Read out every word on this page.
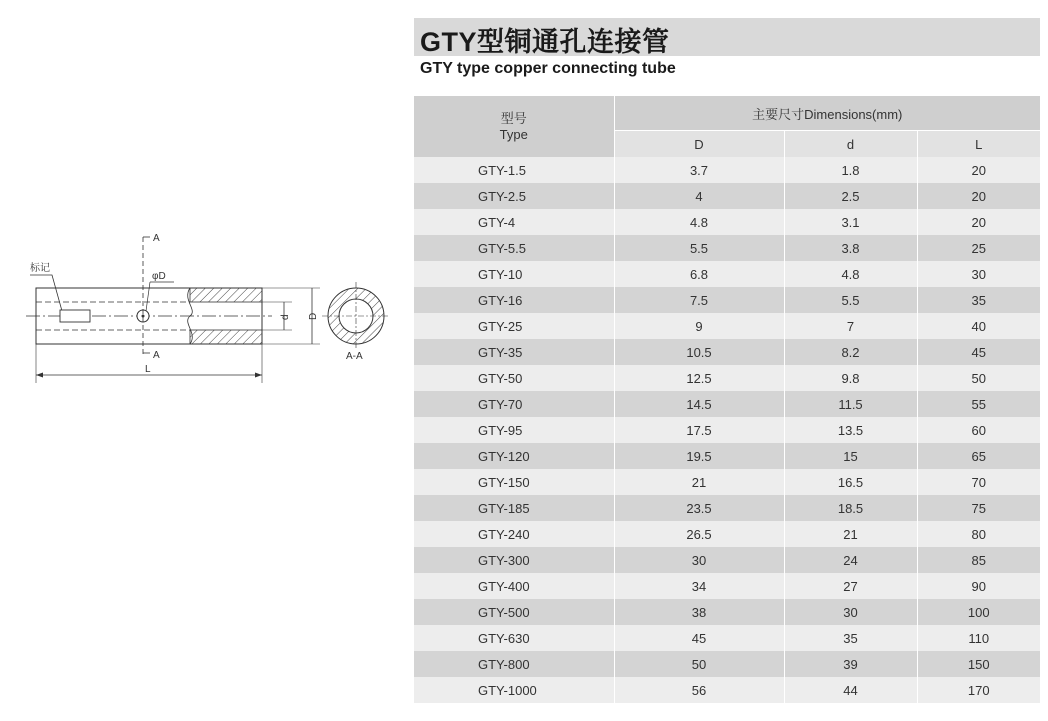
标记
A
A
φD
d D
L
A-A
GTY型铜通孔连接管
GTY type copper connecting tube
型号
Type	主要尺寸Dimensions(mm)		
	D	d	L
GTY-1.5	3.7	1.8	20
GTY-2.5	4	2.5	20
GTY-4	4.8	3.1	20
GTY-5.5	5.5	3.8	25
GTY-10	6.8	4.8	30
GTY-16	7.5	5.5	35
GTY-25	9	7	40
GTY-35	10.5	8.2	45
GTY-50	12.5	9.8	50
GTY-70	14.5	11.5	55
GTY-95	17.5	13.5	60
GTY-120	19.5	15	65
GTY-150	21	16.5	70
GTY-185	23.5	18.5	75
GTY-240	26.5	21	80
GTY-300	30	24	85
GTY-400	34	27	90
GTY-500	38	30	100
GTY-630	45	35	110
GTY-800	50	39	150
GTY-1000	56	44	170
